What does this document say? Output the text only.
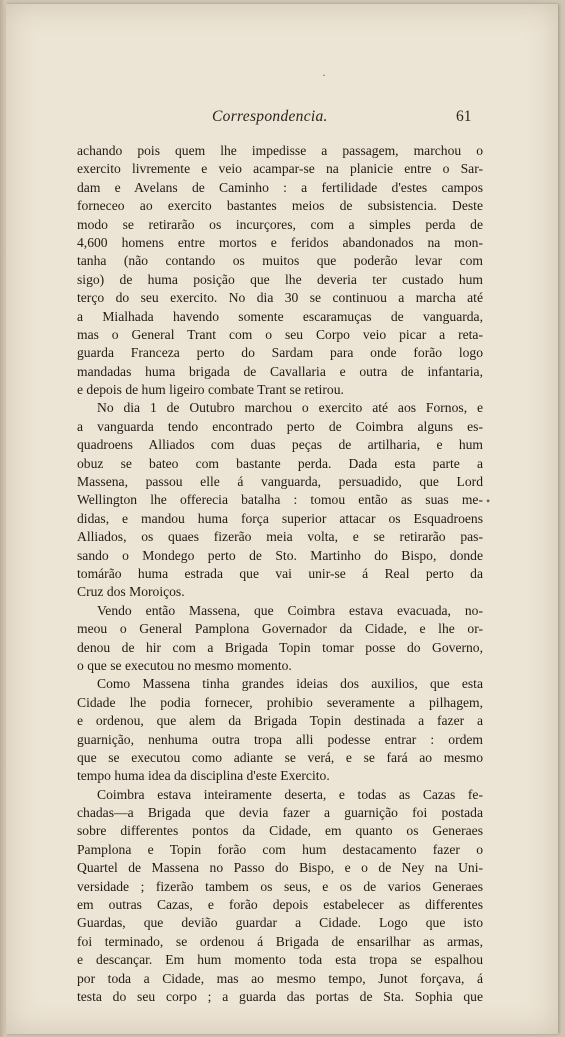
Correspondencia.	61
achando pois quem lhe impedisse a passagem, marchou o
exercito livremente e veio acampar-se na planicie entre o Sar-
dam e Avelans de Caminho : a fertilidade d'estes campos
forneceo ao exercito bastantes meios de subsistencia. Deste
modo se retirarão os incurçores, com a simples perda de
4,600 homens entre mortos e feridos abandonados na mon-
tanha (não contando os muitos que poderão levar com
sigo) de huma posição que lhe deveria ter custado hum
terço do seu exercito. No dia 30 se continuou a marcha até
a Mialhada havendo somente escaramuças de vanguarda,
mas o General Trant com o seu Corpo veio picar a reta-
guarda Franceza perto do Sardam para onde forão logo
mandadas huma brigada de Cavallaria e outra de infantaria,
e depois de hum ligeiro combate Trant se retirou.
No dia 1 de Outubro marchou o exercito até aos Fornos, e
a vanguarda tendo encontrado perto de Coimbra alguns es-
quadroens Alliados com duas peças de artilharia, e hum
obuz se bateo com bastante perda. Dada esta parte a
Massena, passou elle á vanguarda, persuadido, que Lord
Wellington lhe offerecia batalha : tomou então as suas me-
didas, e mandou huma força superior attacar os Esquadroens
Alliados, os quaes fizerão meia volta, e se retirarão pas-
sando o Mondego perto de Sto. Martinho do Bispo, donde
tomárão huma estrada que vai unir-se á Real perto da
Cruz dos Moroiços.
Vendo então Massena, que Coimbra estava evacuada, no-
meou o General Pamplona Governador da Cidade, e lhe or-
denou de hir com a Brigada Topin tomar posse do Governo,
o que se executou no mesmo momento.
Como Massena tinha grandes ideias dos auxilios, que esta
Cidade lhe podia fornecer, prohibio severamente a pilhagem,
e ordenou, que alem da Brigada Topin destinada a fazer a
guarnição, nenhuma outra tropa alli podesse entrar : ordem
que se executou como adiante se verá, e se fará ao mesmo
tempo huma idea da disciplina d'este Exercito.
Coimbra estava inteiramente deserta, e todas as Cazas fe-
chadas—a Brigada que devia fazer a guarnição foi postada
sobre differentes pontos da Cidade, em quanto os Generaes
Pamplona e Topin forão com hum destacamento fazer o
Quartel de Massena no Passo do Bispo, e o de Ney na Uni-
versidade ; fizerão tambem os seus, e os de varios Generaes
em outras Cazas, e forão depois estabelecer as differentes
Guardas, que devião guardar a Cidade. Logo que isto
foi terminado, se ordenou á Brigada de ensarilhar as armas,
e descançar. Em hum momento toda esta tropa se espalhou
por toda a Cidade, mas ao mesmo tempo, Junot forçava, á
testa do seu corpo ; a guarda das portas de Sta. Sophia que
·
•
